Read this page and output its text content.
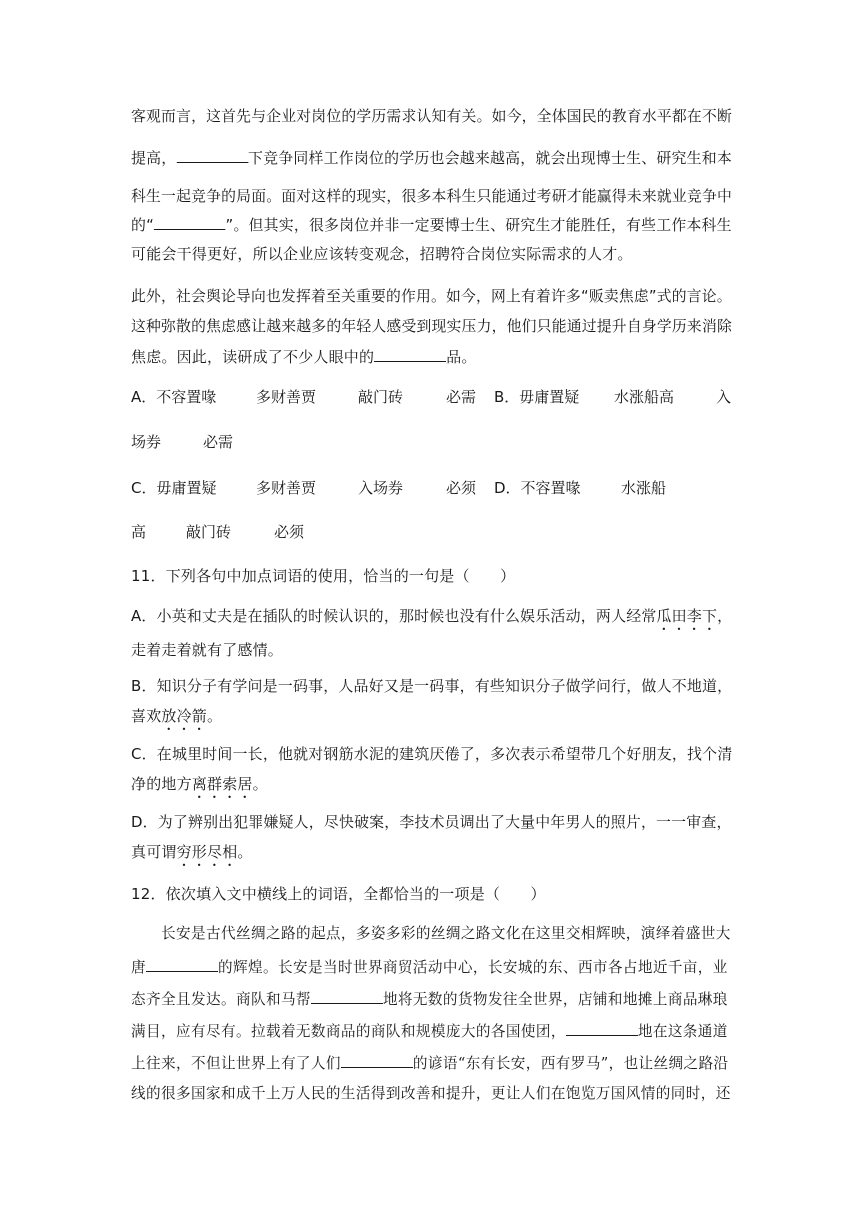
客观而言，这首先与企业对岗位的学历需求认知有关。如今，全体国民的教育水平都在不断
提高，	下竞争同样工作岗位的学历也会越来越高，就会出现博士生、研究生和本
科生一起竞争的局面。面对这样的现实，很多本科生只能通过考研才能赢得未来就业竞争中
的“	”。但其实，很多岗位并非一定要博士生、研究生才能胜任，有些工作本科生
可能会干得更好，所以企业应该转变观念，招聘符合岗位实际需求的人才。
此外，社会舆论导向也发挥着至关重要的作用。如今，网上有着许多“贩卖焦虑”式的言论。
这种弥散的焦虑感让越来越多的年轻人感受到现实压力，他们只能通过提升自身学历来消除
焦虑。因此，读研成了不少人眼中的	品。
A．不容置喙	多财善贾	敲门砖	必需 B．毋庸置疑 水涨船高	入
场券	必需
C．毋庸置疑	多财善贾	入场券	必须 D．不容置喙	水涨船
高	敲门砖	必须
11．下列各句中加点词语的使用，恰当的一句是（　　）
A．小英和丈夫是在插队的时候认识的，那时候也没有什么娱乐活动，两人经常瓜田李下，
走着走着就有了感情。
B．知识分子有学问是一码事，人品好又是一码事，有些知识分子做学问行，做人不地道，
喜欢放冷箭。
C．在城里时间一长，他就对钢筋水泥的建筑厌倦了，多次表示希望带几个好朋友，找个清
净的地方离群索居。
D．为了辨别出犯罪嫌疑人，尽快破案，李技术员调出了大量中年男人的照片，一一审查，
真可谓穷形尽相。
12．依次填入文中横线上的词语，全都恰当的一项是（　　）
长安是古代丝绸之路的起点，多姿多彩的丝绸之路文化在这里交相辉映，演绎着盛世大
唐	的辉煌。长安是当时世界商贸活动中心，长安城的东、西市各占地近千亩，业
态齐全且发达。商队和马帮	地将无数的货物发往全世界，店铺和地摊上商品琳琅
满目，应有尽有。拉载着无数商品的商队和规模庞大的各国使团，	地在这条通道
上往来，不但让世界上有了人们	的谚语“东有长安，西有罗马”，也让丝绸之路沿
线的很多国家和成千上万人民的生活得到改善和提升，更让人们在饱览万国风情的同时，还
